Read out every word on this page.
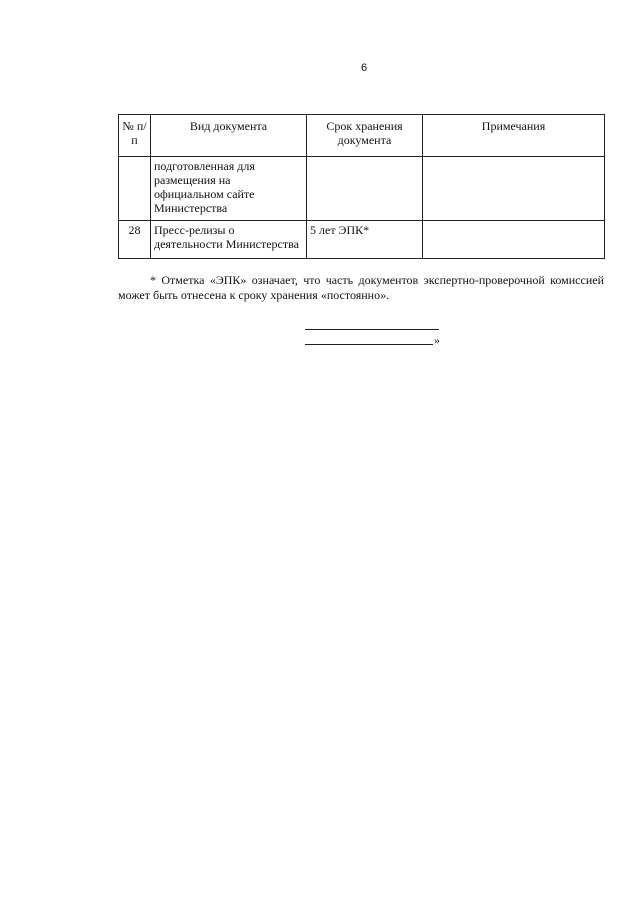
6
№ п/п	Вид документа	Срок хранения документа	Примечания
	подготовленная для размещения на официальном сайте Министерства		
28	Пресс-релизы о деятельности Министерства	5 лет ЭПК*	
* Отметка «ЭПК» означает, что часть документов экспертно-проверочной комиссией может быть отнесена к сроку хранения «постоянно».
»
